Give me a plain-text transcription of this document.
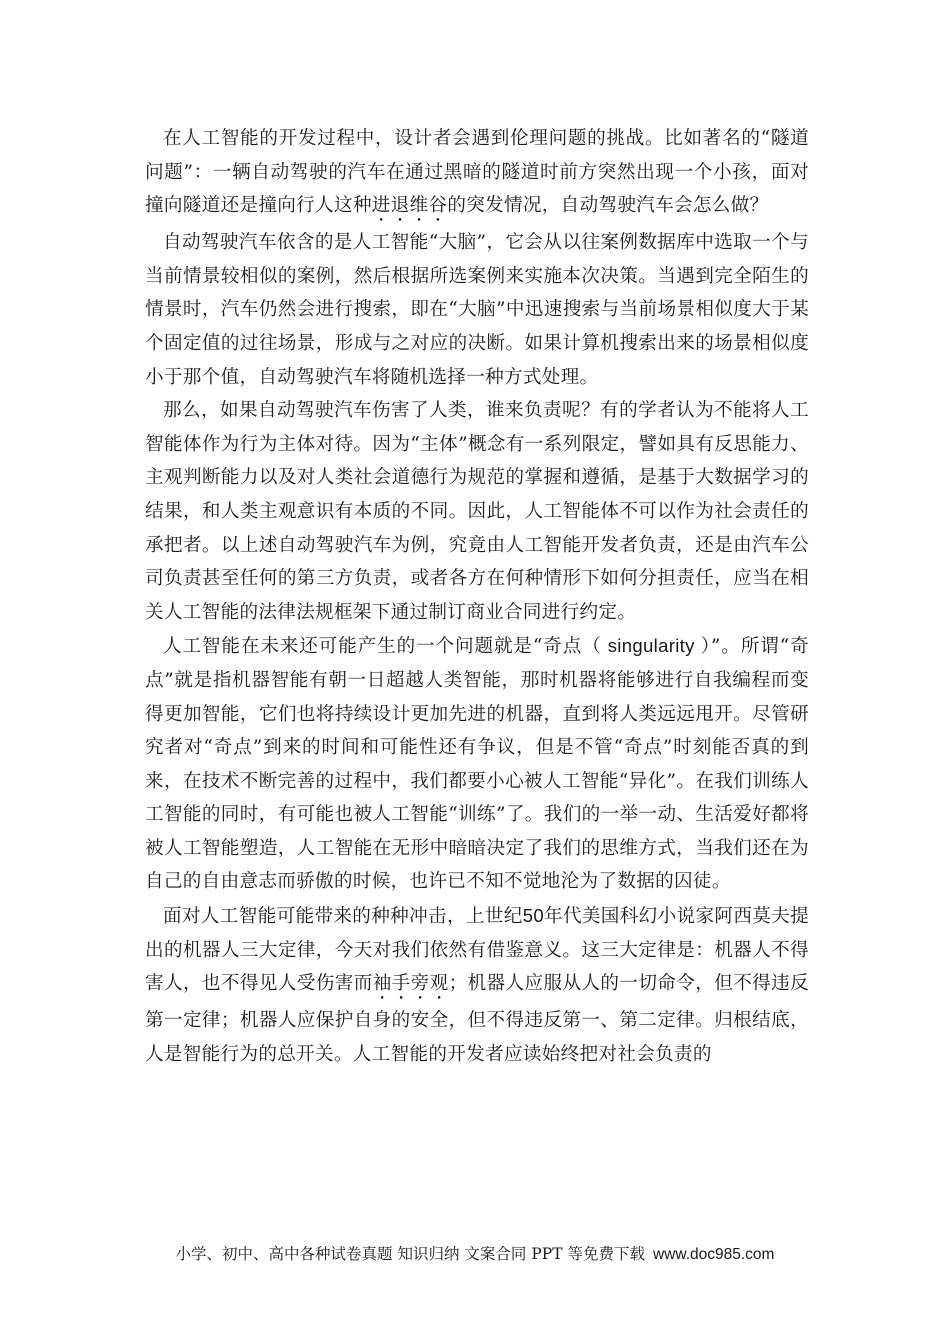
在人工智能的开发过程中，设计者会遇到伦理问题的挑战。比如著名的“隧道问题”：一辆自动驾驶的汽车在通过黑暗的隧道时前方突然出现一个小孩，面对撞向隧道还是撞向行人这种进退维谷的突发情况，自动驾驶汽车会怎么做？

自动驾驶汽车依含的是人工智能“大脑”，它会从以往案例数据库中选取一个与当前情景较相似的案例，然后根据所选案例来实施本次决策。当遇到完全陌生的情景时，汽车仍然会进行搜索，即在“大脑”中迅速搜索与当前场景相似度大于某个固定值的过往场景，形成与之对应的决断。如果计算机搜索出来的场景相似度小于那个值，自动驾驶汽车将随机选择一种方式处理。

那么，如果自动驾驶汽车伤害了人类，谁来负责呢？有的学者认为不能将人工智能体作为行为主体对待。因为“主体”概念有一系列限定，譬如具有反思能力、主观判断能力以及对人类社会道德行为规范的掌握和遵循，是基于大数据学习的结果，和人类主观意识有本质的不同。因此，人工智能体不可以作为社会责任的承把者。以上述自动驾驶汽车为例，究竟由人工智能开发者负责，还是由汽车公司负责甚至任何的第三方负责，或者各方在何种情形下如何分担责任，应当在相关人工智能的法律法规框架下通过制订商业合同进行约定。

人工智能在未来还可能产生的一个问题就是“奇点（ singularity ）”。所谓“奇点”就是指机器智能有朝一日超越人类智能，那时机器将能够进行自我编程而变得更加智能，它们也将持续设计更加先进的机器，直到将人类远远甩开。尽管研究者对“奇点”到来的时间和可能性还有争议，但是不管“奇点”时刻能否真的到来，在技术不断完善的过程中，我们都要小心被人工智能“异化”。在我们训练人工智能的同时，有可能也被人工智能“训练”了。我们的一举一动、生活爱好都将被人工智能塑造，人工智能在无形中暗暗决定了我们的思维方式，当我们还在为自己的自由意志而骄傲的时候，也许已不知不觉地沦为了数据的囚徒。

面对人工智能可能带来的种种冲击，上世纪50年代美国科幻小说家阿西莫夫提出的机器人三大定律，今天对我们依然有借鉴意义。这三大定律是：机器人不得害人，也不得见人受伤害而袖手旁观；机器人应服从人的一切命令，但不得违反第一定律；机器人应保护自身的安全，但不得违反第一、第二定律。归根结底，人是智能行为的总开关。人工智能的开发者应读始终把对社会负责的

小学、初中、高中各种试卷真题 知识归纳 文案合同 PPT 等免费下载 www.doc985.com
